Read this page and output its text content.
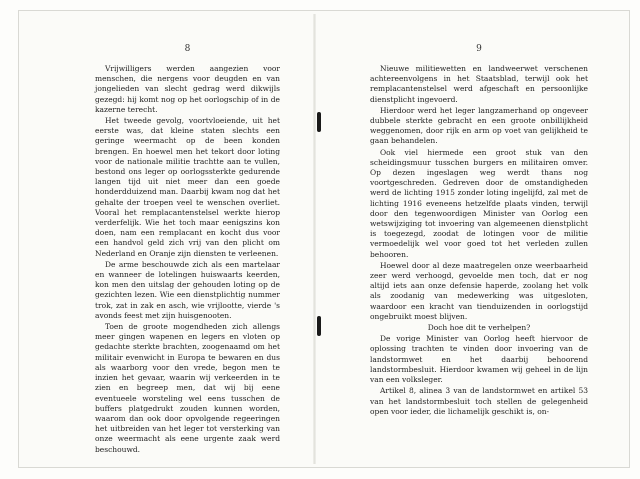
8

Vrijwilligers werden aangezien voor menschen, die nergens voor deugden en van jongelieden van slecht gedrag werd dikwijls gezegd: hij komt nog op het oorlogschip of in de kazerne terecht.

Het tweede gevolg, voortvloeiende, uit het eerste was, dat kleine staten slechts een geringe weermacht op de been konden brengen. En hoewel men het tekort door loting voor de nationale militie trachtte aan te vullen, bestond ons leger op oorlogssterkte gedurende langen tijd uit niet meer dan een goede honderdduizend man. Daarbij kwam nog dat het gehalte der troepen veel te wenschen overliet. Vooral het remplacantenstelsel werkte hierop verderfelijk. Wie het toch maar eenigszins kon doen, nam een remplacant en kocht dus voor een handvol geld zich vrij van den plicht om Nederland en Oranje zijn diensten te verleenen.

De arme beschouwde zich als een martelaar en wanneer de lotelingen huiswaarts keerden, kon men den uitslag der gehouden loting op de gezichten lezen. Wie een dienstplichtig nummer trok, zat in zak en asch, wie vrijlootte, vierde 's avonds feest met zijn huisgenooten.

Toen de groote mogendheden zich allengs meer gingen wapenen en legers en vloten op gedachte sterkte brachten, zoogenaamd om het militair evenwicht in Europa te bewaren en dus als waarborg voor den vrede, begon men te inzien het gevaar, waarin wij verkeerden in te zien en begreep men, dat wij bij eene eventueele worsteling wel eens tusschen de buffers platgedrukt zouden kunnen worden, waarom dan ook door opvolgende regeeringen het uitbreiden van het leger tot versterking van onze weermacht als eene urgente zaak werd beschouwd.

9

Nieuwe militiewetten en landweerwet verschenen achtereenvolgens in het Staatsblad, terwijl ook het remplacantenstelsel werd afgeschaft en persoonlijke dienstplicht ingevoerd.

Hierdoor werd het leger langzamerhand op ongeveer dubbele sterkte gebracht en een groote onbillijkheid weggenomen, door rijk en arm op voet van gelijkheid te gaan behandelen.

Ook viel hiermede een groot stuk van den scheidingsmuur tusschen burgers en militairen omver. Op dezen ingeslagen weg werdt thans nog voortgeschreden. Gedreven door de omstandigheden werd de lichting 1915 zonder loting ingelijfd, zal met de lichting 1916 eveneens hetzelfde plaats vinden, terwijl door den tegenwoordigen Minister van Oorlog een wetswijziging tot invoering van algemeenen dienstplicht is toegezegd, zoodat de lotingen voor de militie vermoedelijk wel voor goed tot het verleden zullen behooren.

Hoewel door al deze maatregelen onze weerbaarheid zeer werd verhoogd, gevoelde men toch, dat er nog altijd iets aan onze defensie haperde, zoolang het volk als zoodanig van medewerking was uitgesloten, waardoor een kracht van tienduizenden in oorlogstijd ongebruikt moest blijven.

Doch hoe dit te verhelpen?

De vorige Minister van Oorlog heeft hiervoor de oplossing trachten te vinden door invoering van de landstormwet en het daarbij behoorend landstormbesluit. Hierdoor kwamen wij geheel in de lijn van een volksleger.

Artikel 8, alinea 3 van de landstormwet en artikel 53 van het landstormbesluit toch stellen de gelegenheid open voor ieder, die lichamelijk geschikt is, on-
